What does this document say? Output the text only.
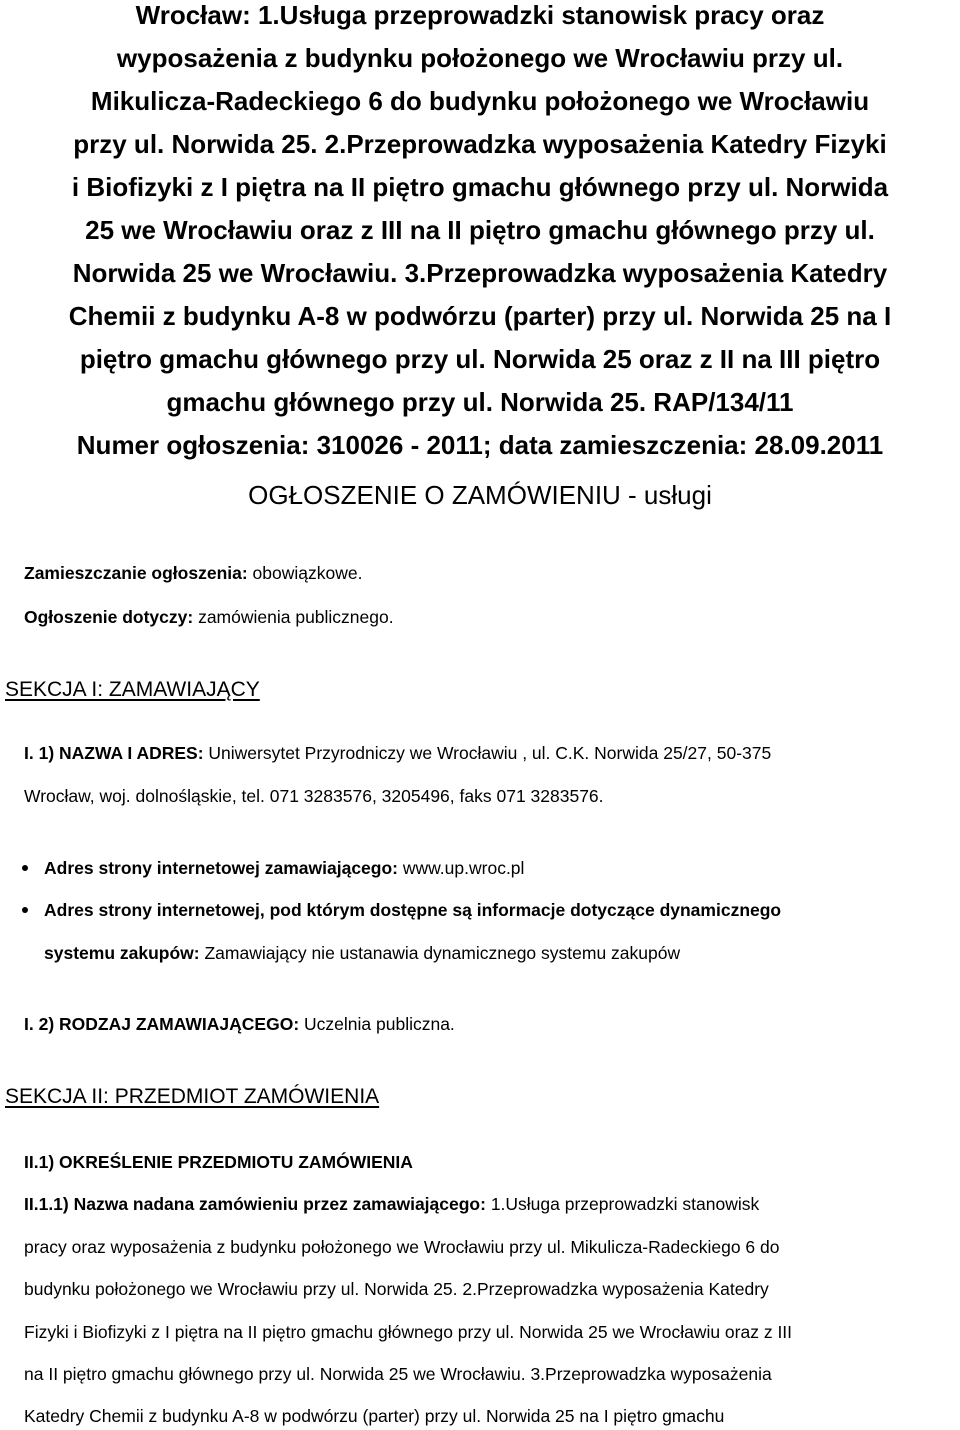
Wrocław: 1.Usługa przeprowadzki stanowisk pracy oraz
wyposażenia z budynku położonego we Wrocławiu przy ul.
Mikulicza-Radeckiego 6 do budynku położonego we Wrocławiu
przy ul. Norwida 25. 2.Przeprowadzka wyposażenia Katedry Fizyki
i Biofizyki z I piętra na II piętro gmachu głównego przy ul. Norwida
25 we Wrocławiu oraz z III na II piętro gmachu głównego przy ul.
Norwida 25 we Wrocławiu. 3.Przeprowadzka wyposażenia Katedry
Chemii z budynku A-8 w podwórzu (parter) przy ul. Norwida 25 na I
piętro gmachu głównego przy ul. Norwida 25 oraz z II na III piętro
gmachu głównego przy ul. Norwida 25. RAP/134/11
Numer ogłoszenia: 310026 - 2011; data zamieszczenia: 28.09.2011
OGŁOSZENIE O ZAMÓWIENIU - usługi
Zamieszczanie ogłoszenia: obowiązkowe.
Ogłoszenie dotyczy: zamówienia publicznego.
SEKCJA I: ZAMAWIAJĄCY
I. 1) NAZWA I ADRES: Uniwersytet Przyrodniczy we Wrocławiu , ul. C.K. Norwida 25/27, 50-375
Wrocław, woj. dolnośląskie, tel. 071 3283576, 3205496, faks 071 3283576.
Adres strony internetowej zamawiającego: www.up.wroc.pl
Adres strony internetowej, pod którym dostępne są informacje dotyczące dynamicznego
systemu zakupów: Zamawiający nie ustanawia dynamicznego systemu zakupów
I. 2) RODZAJ ZAMAWIAJĄCEGO: Uczelnia publiczna.
SEKCJA II: PRZEDMIOT ZAMÓWIENIA
II.1) OKREŚLENIE PRZEDMIOTU ZAMÓWIENIA
II.1.1) Nazwa nadana zamówieniu przez zamawiającego: 1.Usługa przeprowadzki stanowisk
pracy oraz wyposażenia z budynku położonego we Wrocławiu przy ul. Mikulicza-Radeckiego 6 do
budynku położonego we Wrocławiu przy ul. Norwida 25. 2.Przeprowadzka wyposażenia Katedry
Fizyki i Biofizyki z I piętra na II piętro gmachu głównego przy ul. Norwida 25 we Wrocławiu oraz z III
na II piętro gmachu głównego przy ul. Norwida 25 we Wrocławiu. 3.Przeprowadzka wyposażenia
Katedry Chemii z budynku A-8 w podwórzu (parter) przy ul. Norwida 25 na I piętro gmachu
